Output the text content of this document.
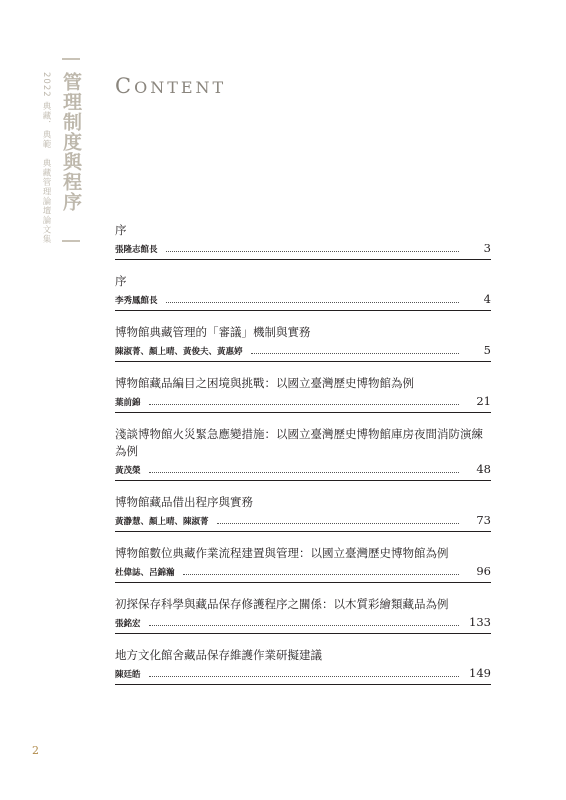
管理制度與程序
2022 典藏．典範　典藏管理論壇論文集	CONTENT
序
張隆志館長	3
序
李秀鳳館長	4
博物館典藏管理的「審議」機制與實務
陳淑菁、顏上晴、黃俊夫、黃惠婷	5
博物館藏品編目之困境與挑戰：以國立臺灣歷史博物館為例
葉前錦	21
淺談博物館火災緊急應變措施：以國立臺灣歷史博物館庫房夜間消防演練為例
黃茂榮	48
博物館藏品借出程序與實務
黃瀞慧、顏上晴、陳淑菁	73
博物館數位典藏作業流程建置與管理：以國立臺灣歷史博物館為例
杜偉誌、呂錦瀚	96
初探保存科學與藏品保存修護程序之關係：以木質彩繪類藏品為例
張銘宏	133
地方文化館舍藏品保存維護作業研擬建議
陳廷皓	149
2
